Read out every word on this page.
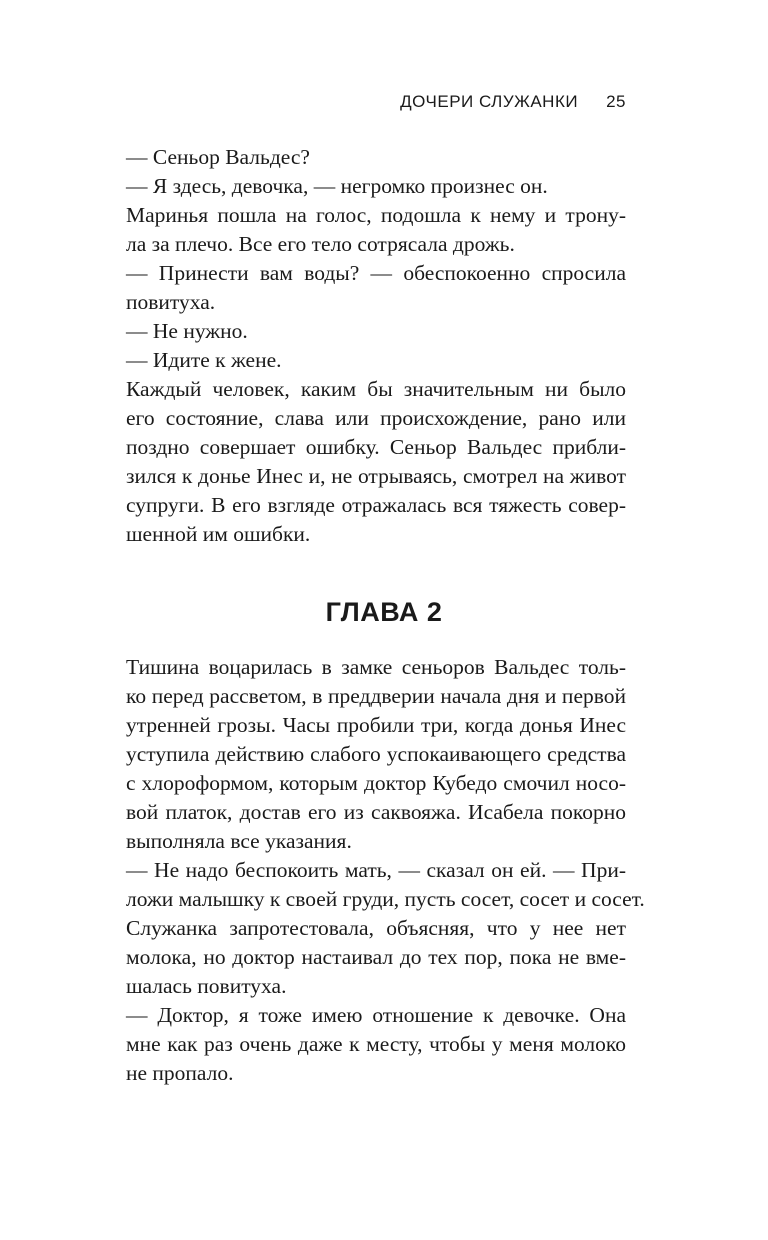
ДОЧЕРИ СЛУЖАНКИ 25
— Сеньор Вальдес?
— Я здесь, девочка, — негромко произнес он.
Маринья пошла на голос, подошла к нему и трону-
ла за плечо. Все его тело сотрясала дрожь.
— Принести вам воды? — обеспокоенно спросила
повитуха.
— Не нужно.
— Идите к жене.
Каждый человек, каким бы значительным ни было
его состояние, слава или происхождение, рано или
поздно совершает ошибку. Сеньор Вальдес прибли-
зился к донье Инес и, не отрываясь, смотрел на живот
супруги. В его взгляде отражалась вся тяжесть совер-
шенной им ошибки.
ГЛАВА 2
Тишина воцарилась в замке сеньоров Вальдес толь-
ко перед рассветом, в преддверии начала дня и первой
утренней грозы. Часы пробили три, когда донья Инес
уступила действию слабого успокаивающего средства
с хлороформом, которым доктор Кубедо смочил носо-
вой платок, достав его из саквояжа. Исабела покорно
выполняла все указания.
— Не надо беспокоить мать, — сказал он ей. — При-
ложи малышку к своей груди, пусть сосет, сосет и сосет.
Служанка запротестовала, объясняя, что у нее нет
молока, но доктор настаивал до тех пор, пока не вме-
шалась повитуха.
— Доктор, я тоже имею отношение к девочке. Она
мне как раз очень даже к месту, чтобы у меня молоко
не пропало.
